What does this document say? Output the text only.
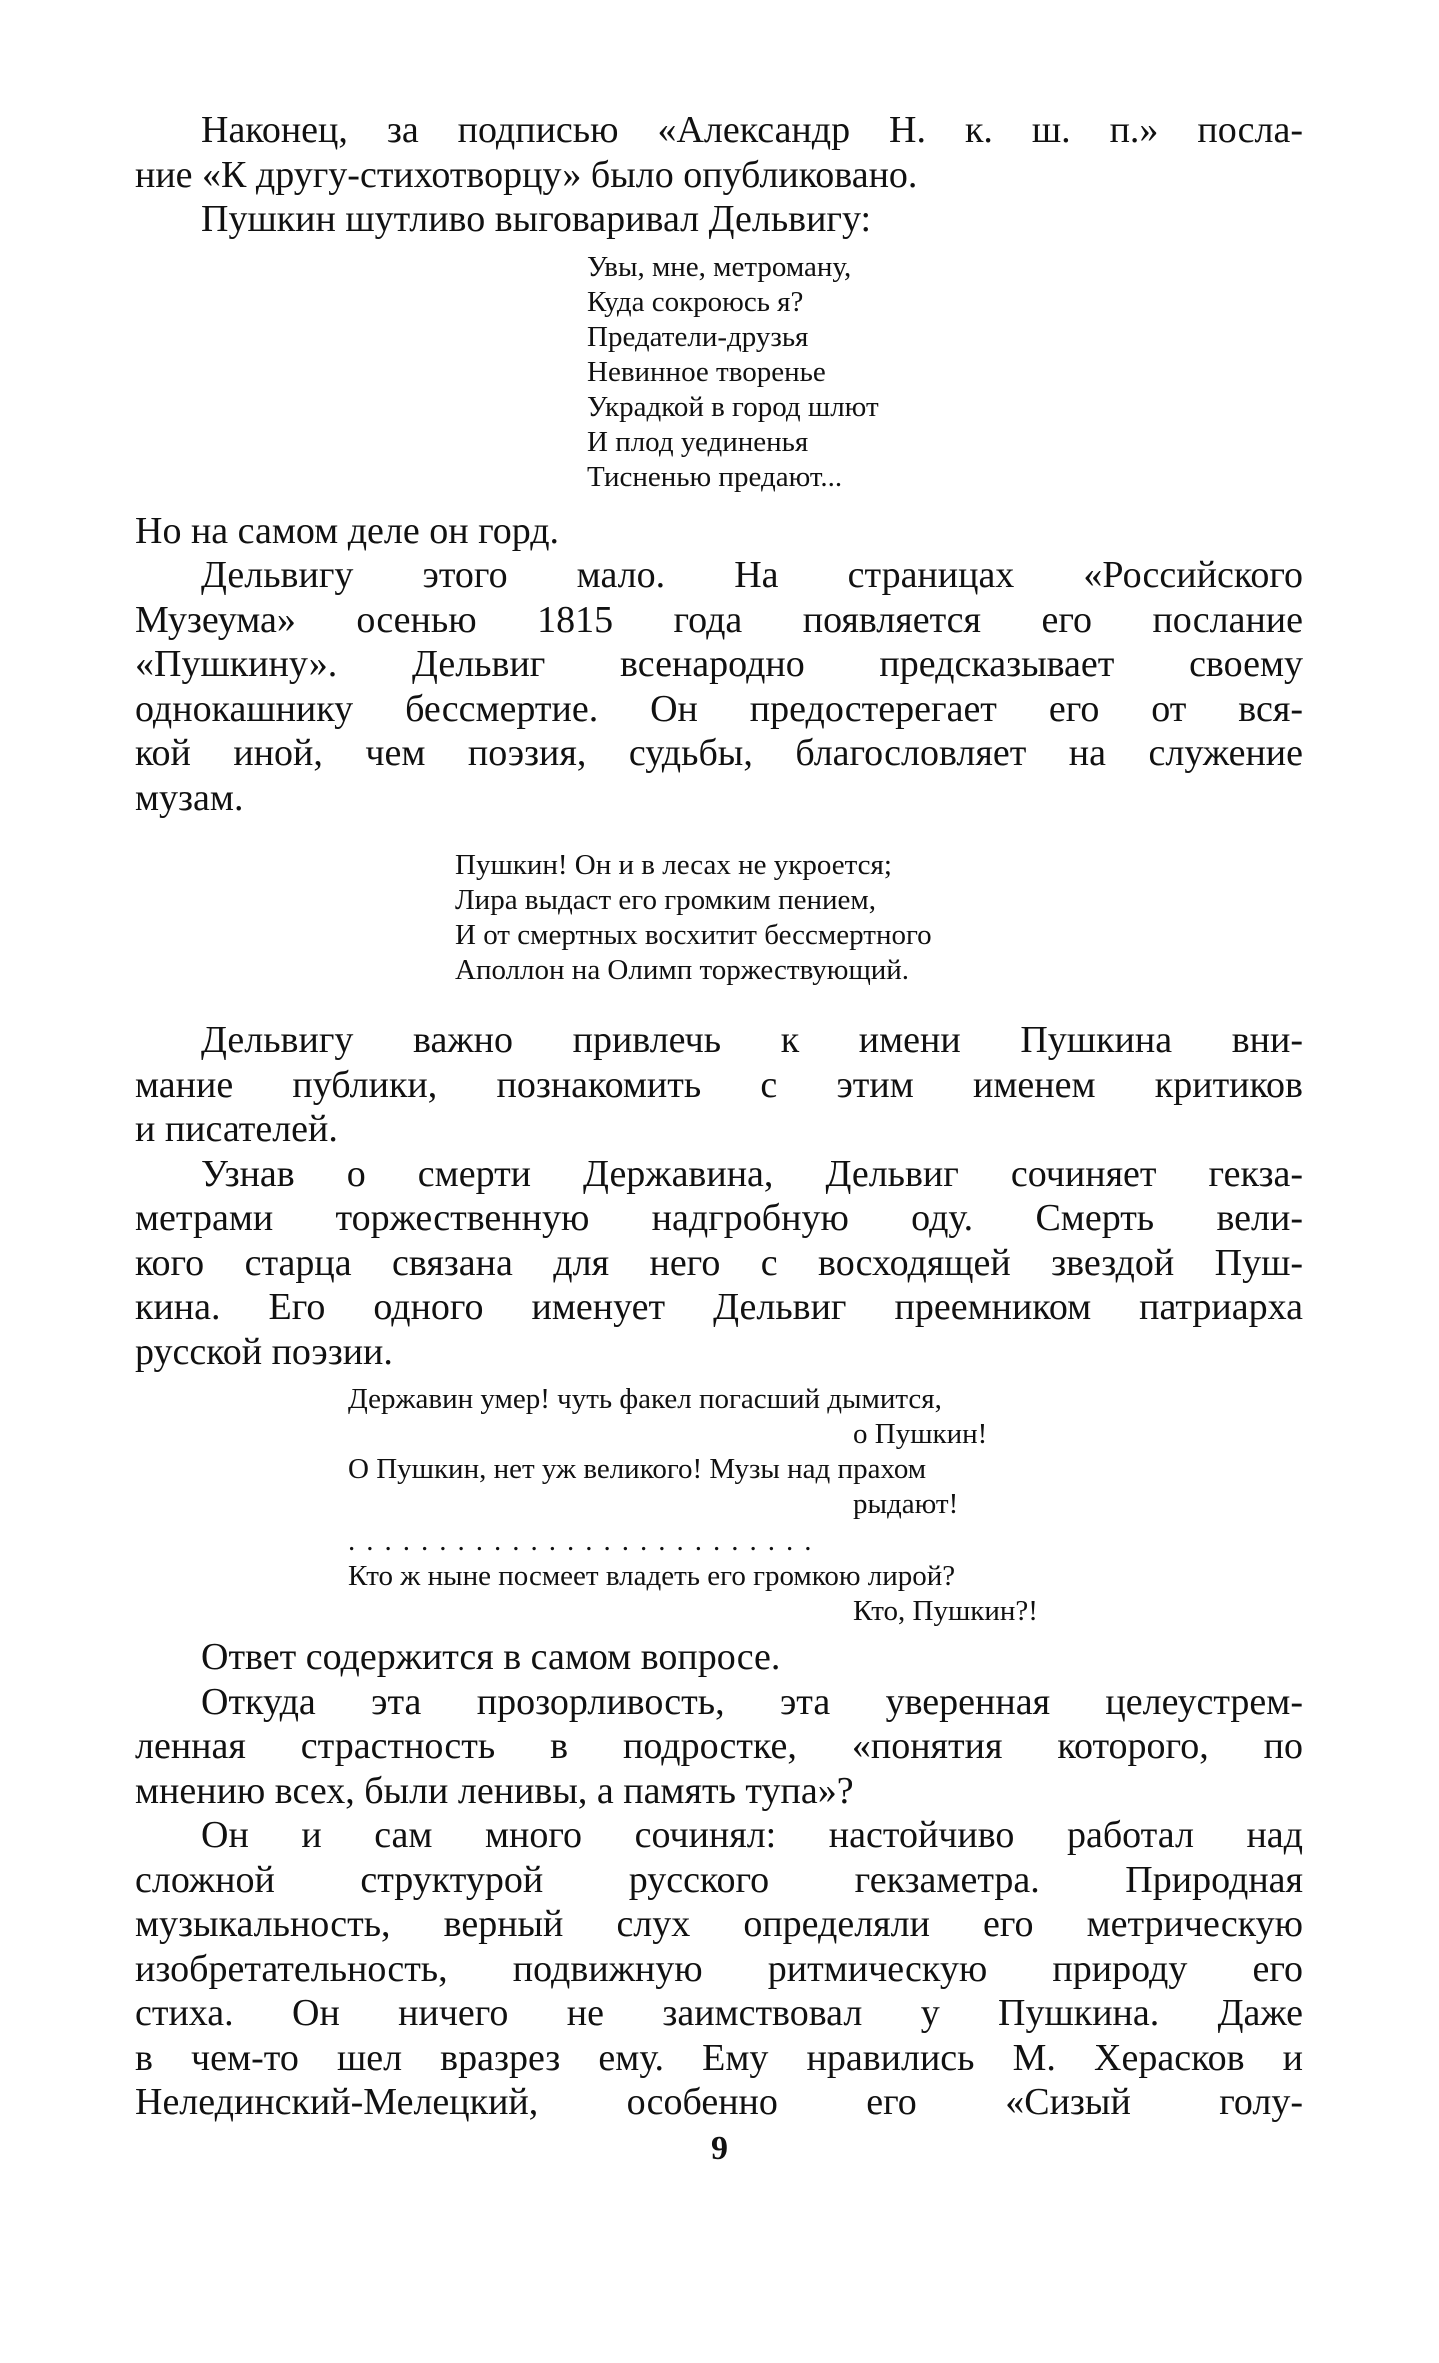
Наконец, за подписью «Александр Н. к. ш. п.» посла-
ние «К другу-стихотворцу» было опубликовано.
Пушкин шутливо выговаривал Дельвигу:
Увы, мне, метроману,
Куда сокроюсь я?
Предатели-друзья
Невинное творенье
Украдкой в город шлют
И плод уединенья
Тисненью предают...
Но на самом деле он горд.
Дельвигу этого мало. На страницах «Российского
Музеума» осенью 1815 года появляется его послание
«Пушкину». Дельвиг всенародно предсказывает своему
однокашнику бессмертие. Он предостерегает его от вся-
кой иной, чем поэзия, судьбы, благословляет на служение
музам.
Пушкин! Он и в лесах не укроется;
Лира выдаст его громким пением,
И от смертных восхитит бессмертного
Аполлон на Олимп торжествующий.
Дельвигу важно привлечь к имени Пушкина вни-
мание публики, познакомить с этим именем критиков
и писателей.
Узнав о смерти Державина, Дельвиг сочиняет гекза-
метрами торжественную надгробную оду. Смерть вели-
кого старца связана для него с восходящей звездой Пуш-
кина. Его одного именует Дельвиг преемником патриарха
русской поэзии.
Державин умер! чуть факел погасший дымится,
о Пушкин!
О Пушкин, нет уж великого! Музы над прахом
рыдают!
..........................
Кто ж ныне посмеет владеть его громкою лирой?
Кто, Пушкин?!
Ответ содержится в самом вопросе.
Откуда эта прозорливость, эта уверенная целеустрем-
ленная страстность в подростке, «понятия которого, по
мнению всех, были ленивы, а память тупа»?
Он и сам много сочинял: настойчиво работал над
сложной структурой русского гекзаметра. Природная
музыкальность, верный слух определяли его метрическую
изобретательность, подвижную ритмическую природу его
стиха. Он ничего не заимствовал у Пушкина. Даже
в чем-то шел вразрез ему. Ему нравились М. Херасков и
Нелединский-Мелецкий, особенно его «Сизый голу-
9
